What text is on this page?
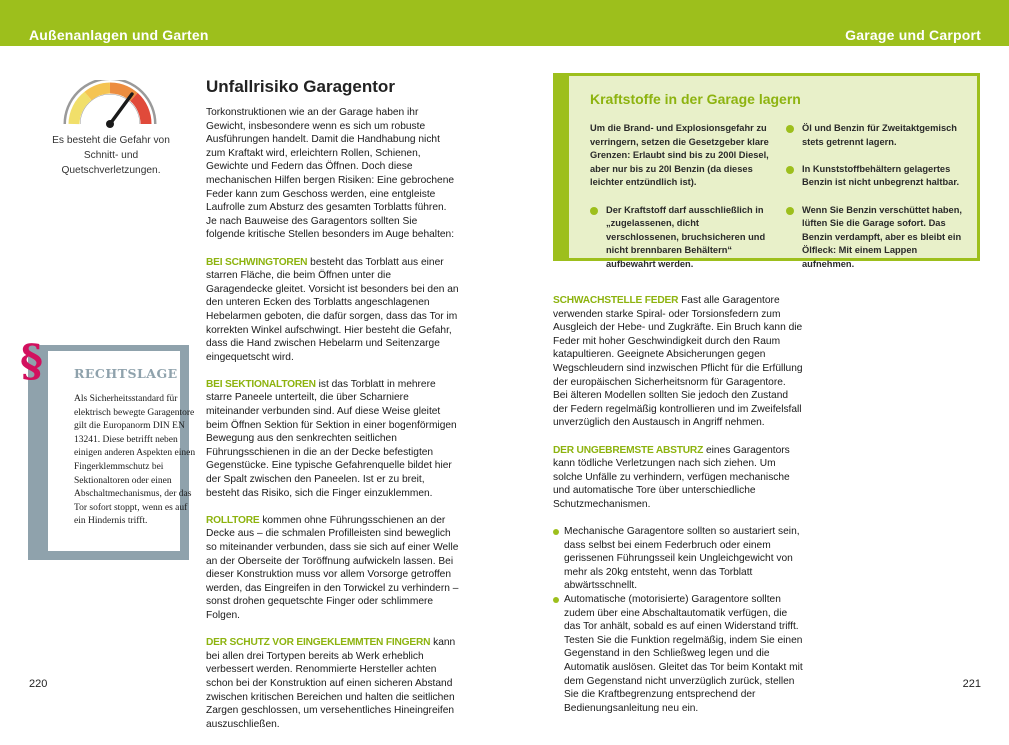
Außenanlagen und Garten	Garage und Carport
Es besteht die Gefahr von Schnitt- und Quetschverletzungen.
RECHTSLAGE
Als Sicherheitsstandard für elektrisch bewegte Garagentore gilt die Europanorm DIN EN 13241. Diese betrifft neben einigen anderen Aspekten einen Fingerklemmschutz bei Sektionaltoren oder einen Abschaltmechanismus, der das Tor sofort stoppt, wenn es auf ein Hindernis trifft.
§
Unfallrisiko Garagentor

Torkonstruktionen wie an der Garage haben ihr Gewicht, insbesondere wenn es sich um robuste Ausführungen handelt. Damit die Handhabung nicht zum Kraftakt wird, erleichtern Rollen, Schienen, Gewichte und Federn das Öffnen. Doch diese mechanischen Hilfen bergen Risiken: Eine gebrochene Feder kann zum Geschoss werden, eine entgleiste Laufrolle zum Absturz des gesamten Torblatts führen. Je nach Bauweise des Garagentors sollten Sie folgende kritische Stellen besonders im Auge behalten:

BEI SCHWINGTOREN besteht das Torblatt aus einer starren Fläche, die beim Öffnen unter die Garagendecke gleitet. Vorsicht ist besonders bei den an den unteren Ecken des Torblatts angeschlagenen Hebelarmen geboten, die dafür sorgen, dass das Tor im korrekten Winkel aufschwingt. Hier besteht die Gefahr, dass die Hand zwischen Hebelarm und Seitenzarge eingequetscht wird.

BEI SEKTIONALTOREN ist das Torblatt in mehrere starre Paneele unterteilt, die über Scharniere miteinander verbunden sind. Auf diese Weise gleitet beim Öffnen Sektion für Sektion in einer bogenförmigen Bewegung aus den senkrechten seitlichen Führungsschienen in die an der Decke befestigten Gegenstücke. Eine typische Gefahrenquelle bildet hier der Spalt zwischen den Paneelen. Ist er zu breit, besteht das Risiko, sich die Finger einzuklemmen.

ROLLTORE kommen ohne Führungsschienen an der Decke aus – die schmalen Profilleisten sind beweglich so miteinander verbunden, dass sie sich auf einer Welle an der Oberseite der Toröffnung aufwickeln lassen. Bei dieser Konstruktion muss vor allem Vorsorge getroffen werden, das Eingreifen in den Torwickel zu verhindern – sonst drohen gequetschte Finger oder schlimmere Folgen.

DER SCHUTZ VOR EINGEKLEMMTEN FINGERN kann bei allen drei Tortypen bereits ab Werk erheblich verbessert werden. Renommierte Hersteller achten schon bei der Konstruktion auf einen sicheren Abstand zwischen kritischen Bereichen und halten die seitlichen Zargen geschlossen, um versehentliches Hineingreifen auszuschließen.

Kraftstoffe in der Garage lagern
Um die Brand- und Explosionsgefahr zu verringern, setzen die Gesetzgeber klare Grenzen: Erlaubt sind bis zu 200l Diesel, aber nur bis zu 20l Benzin (da dieses leichter entzündlich ist).
Der Kraftstoff darf ausschließlich in „zugelassenen, dicht verschlossenen, bruchsicheren und nicht brennbaren Behältern“ aufbewahrt werden.
Öl und Benzin für Zweitaktgemisch stets getrennt lagern.
In Kunststoffbehältern gelagertes Benzin ist nicht unbegrenzt haltbar.
Wenn Sie Benzin verschüttet haben, lüften Sie die Garage sofort. Das Benzin verdampft, aber es bleibt ein Ölfleck: Mit einem Lappen aufnehmen.

SCHWACHSTELLE FEDER Fast alle Garagentore verwenden starke Spiral- oder Torsionsfedern zum Ausgleich der Hebe- und Zugkräfte. Ein Bruch kann die Feder mit hoher Geschwindigkeit durch den Raum katapultieren. Geeignete Absicherungen gegen Wegschleudern sind inzwischen Pflicht für die Erfüllung der europäischen Sicherheitsnorm für Garagentore. Bei älteren Modellen sollten Sie jedoch den Zustand der Federn regelmäßig kontrollieren und im Zweifelsfall unverzüglich den Austausch in Angriff nehmen.

DER UNGEBREMSTE ABSTURZ eines Garagentors kann tödliche Verletzungen nach sich ziehen. Um solche Unfälle zu verhindern, verfügen mechanische und automatische Tore über unterschiedliche Schutzmechanismen.

Mechanische Garagentore sollten so austariert sein, dass selbst bei einem Federbruch oder einem gerissenen Führungsseil kein Ungleichgewicht von mehr als 20kg entsteht, wenn das Torblatt abwärtsschnellt.
Automatische (motorisierte) Garagentore sollten zudem über eine Abschaltautomatik verfügen, die das Tor anhält, sobald es auf einen Widerstand trifft. Testen Sie die Funktion regelmäßig, indem Sie einen Gegenstand in den Schließweg legen und die Automatik auslösen. Gleitet das Tor beim Kontakt mit dem Gegenstand nicht unverzüglich zurück, stellen Sie die Kraftbegrenzung entsprechend der Bedienungsanleitung neu ein.
220	221
